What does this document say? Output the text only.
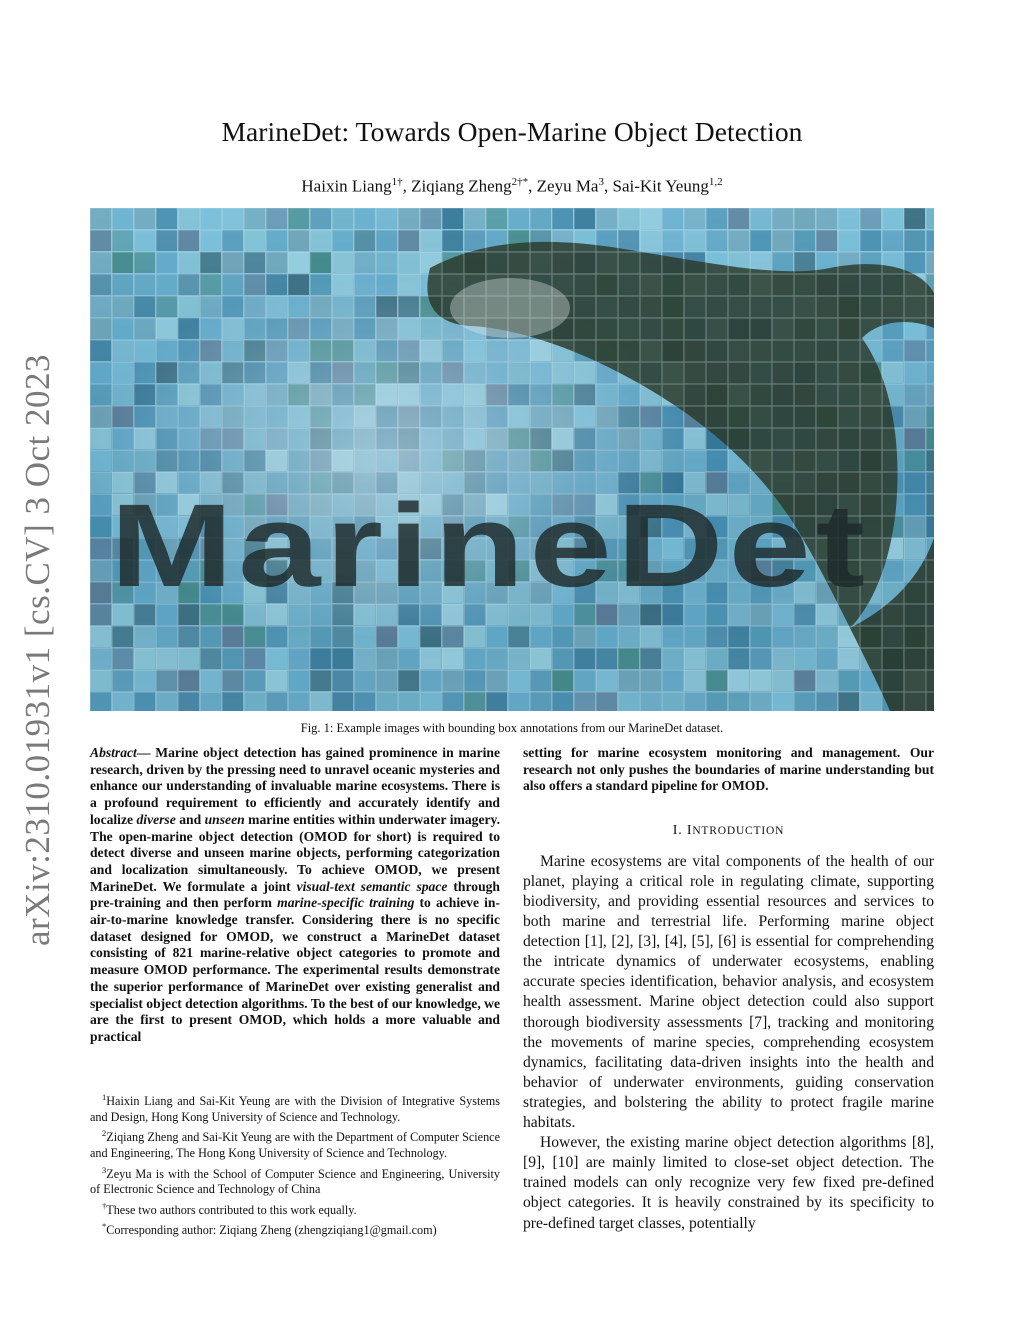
arXiv:2310.01931v1 [cs.CV] 3 Oct 2023
MarineDet: Towards Open-Marine Object Detection
Haixin Liang$^{1\dagger}$, Ziqiang Zheng$^{2\dagger*}$, Zeyu Ma$^3$, Sai-Kit Yeung$^{1,2}$
MarineDet
Fig. 1: Example images with bounding box annotations from our MarineDet dataset.
Abstract— Marine object detection has gained prominence in marine research, driven by the pressing need to unravel oceanic mysteries and enhance our understanding of invaluable marine ecosystems. There is a profound requirement to efficiently and accurately identify and localize diverse and unseen marine entities within underwater imagery. The open-marine object detection (OMOD for short) is required to detect diverse and unseen marine objects, performing categorization and localization simultaneously. To achieve OMOD, we present MarineDet. We formulate a joint visual-text semantic space through pre-training and then perform marine-specific training to achieve in-air-to-marine knowledge transfer. Considering there is no specific dataset designed for OMOD, we construct a MarineDet dataset consisting of 821 marine-relative object categories to promote and measure OMOD performance. The experimental results demonstrate the superior performance of MarineDet over existing generalist and specialist object detection algorithms. To the best of our knowledge, we are the first to present OMOD, which holds a more valuable and practical

$^1$Haixin Liang and Sai-Kit Yeung are with the Division of Integrative Systems and Design, Hong Kong University of Science and Technology.

$^2$Ziqiang Zheng and Sai-Kit Yeung are with the Department of Computer Science and Engineering, The Hong Kong University of Science and Technology.

$^3$Zeyu Ma is with the School of Computer Science and Engineering, University of Electronic Science and Technology of China

†These two authors contributed to this work equally.

*Corresponding author: Ziqiang Zheng (zhengziqiang1@gmail.com)

setting for marine ecosystem monitoring and management. Our research not only pushes the boundaries of marine understanding but also offers a standard pipeline for OMOD.
I. INTRODUCTION

Marine ecosystems are vital components of the health of our planet, playing a critical role in regulating climate, supporting biodiversity, and providing essential resources and services to both marine and terrestrial life. Performing marine object detection [1], [2], [3], [4], [5], [6] is essential for comprehending the intricate dynamics of underwater ecosystems, enabling accurate species identification, behavior analysis, and ecosystem health assessment. Marine object detection could also support thorough biodiversity assessments [7], tracking and monitoring the movements of marine species, comprehending ecosystem dynamics, facilitating data-driven insights into the health and behavior of underwater environments, guiding conservation strategies, and bolstering the ability to protect fragile marine habitats.

However, the existing marine object detection algorithms [8], [9], [10] are mainly limited to close-set object detection. The trained models can only recognize very few fixed pre-defined object categories. It is heavily constrained by its specificity to pre-defined target classes, potentially
